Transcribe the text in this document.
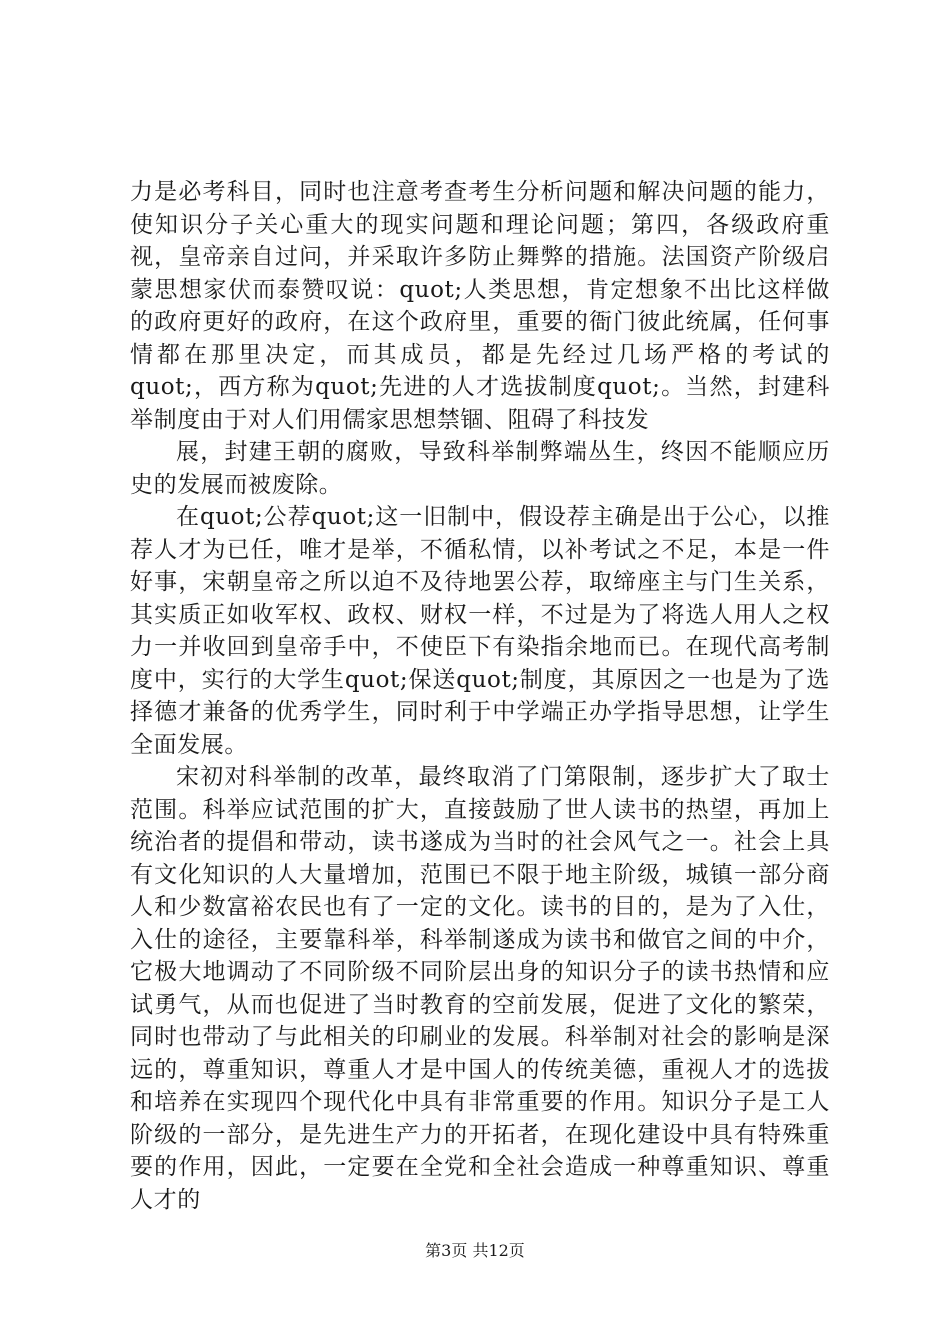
力是必考科目，同时也注意考查考生分析问题和解决问题的能力，使知识分子关心重大的现实问题和理论问题；第四，各级政府重视，皇帝亲自过问，并采取许多防止舞弊的措施。法国资产阶级启蒙思想家伏而泰赞叹说：quot;人类思想，肯定想象不出比这样做的政府更好的政府，在这个政府里，重要的衙门彼此统属，任何事情都在那里决定，而其成员，都是先经过几场严格的考试的quot;，西方称为quot;先进的人才选拔制度quot;。当然，封建科举制度由于对人们用儒家思想禁锢、阻碍了科技发

展，封建王朝的腐败，导致科举制弊端丛生，终因不能顺应历史的发展而被废除。

在quot;公荐quot;这一旧制中，假设荐主确是出于公心，以推荐人才为已任，唯才是举，不循私情，以补考试之不足，本是一件好事，宋朝皇帝之所以迫不及待地罢公荐，取缔座主与门生关系，其实质正如收军权、政权、财权一样，不过是为了将选人用人之权力一并收回到皇帝手中，不使臣下有染指余地而已。在现代高考制度中，实行的大学生quot;保送quot;制度，其原因之一也是为了选择德才兼备的优秀学生，同时利于中学端正办学指导思想，让学生全面发展。

宋初对科举制的改革，最终取消了门第限制，逐步扩大了取士范围。科举应试范围的扩大，直接鼓励了世人读书的热望，再加上统治者的提倡和带动，读书遂成为当时的社会风气之一。社会上具有文化知识的人大量增加，范围已不限于地主阶级，城镇一部分商人和少数富裕农民也有了一定的文化。读书的目的，是为了入仕，入仕的途径，主要靠科举，科举制遂成为读书和做官之间的中介，它极大地调动了不同阶级不同阶层出身的知识分子的读书热情和应试勇气，从而也促进了当时教育的空前发展，促进了文化的繁荣，同时也带动了与此相关的印刷业的发展。科举制对社会的影响是深远的，尊重知识，尊重人才是中国人的传统美德，重视人才的选拔和培养在实现四个现代化中具有非常重要的作用。知识分子是工人阶级的一部分，是先进生产力的开拓者，在现化建设中具有特殊重要的作用，因此，一定要在全党和全社会造成一种尊重知识、尊重人才的

第3页 共12页
